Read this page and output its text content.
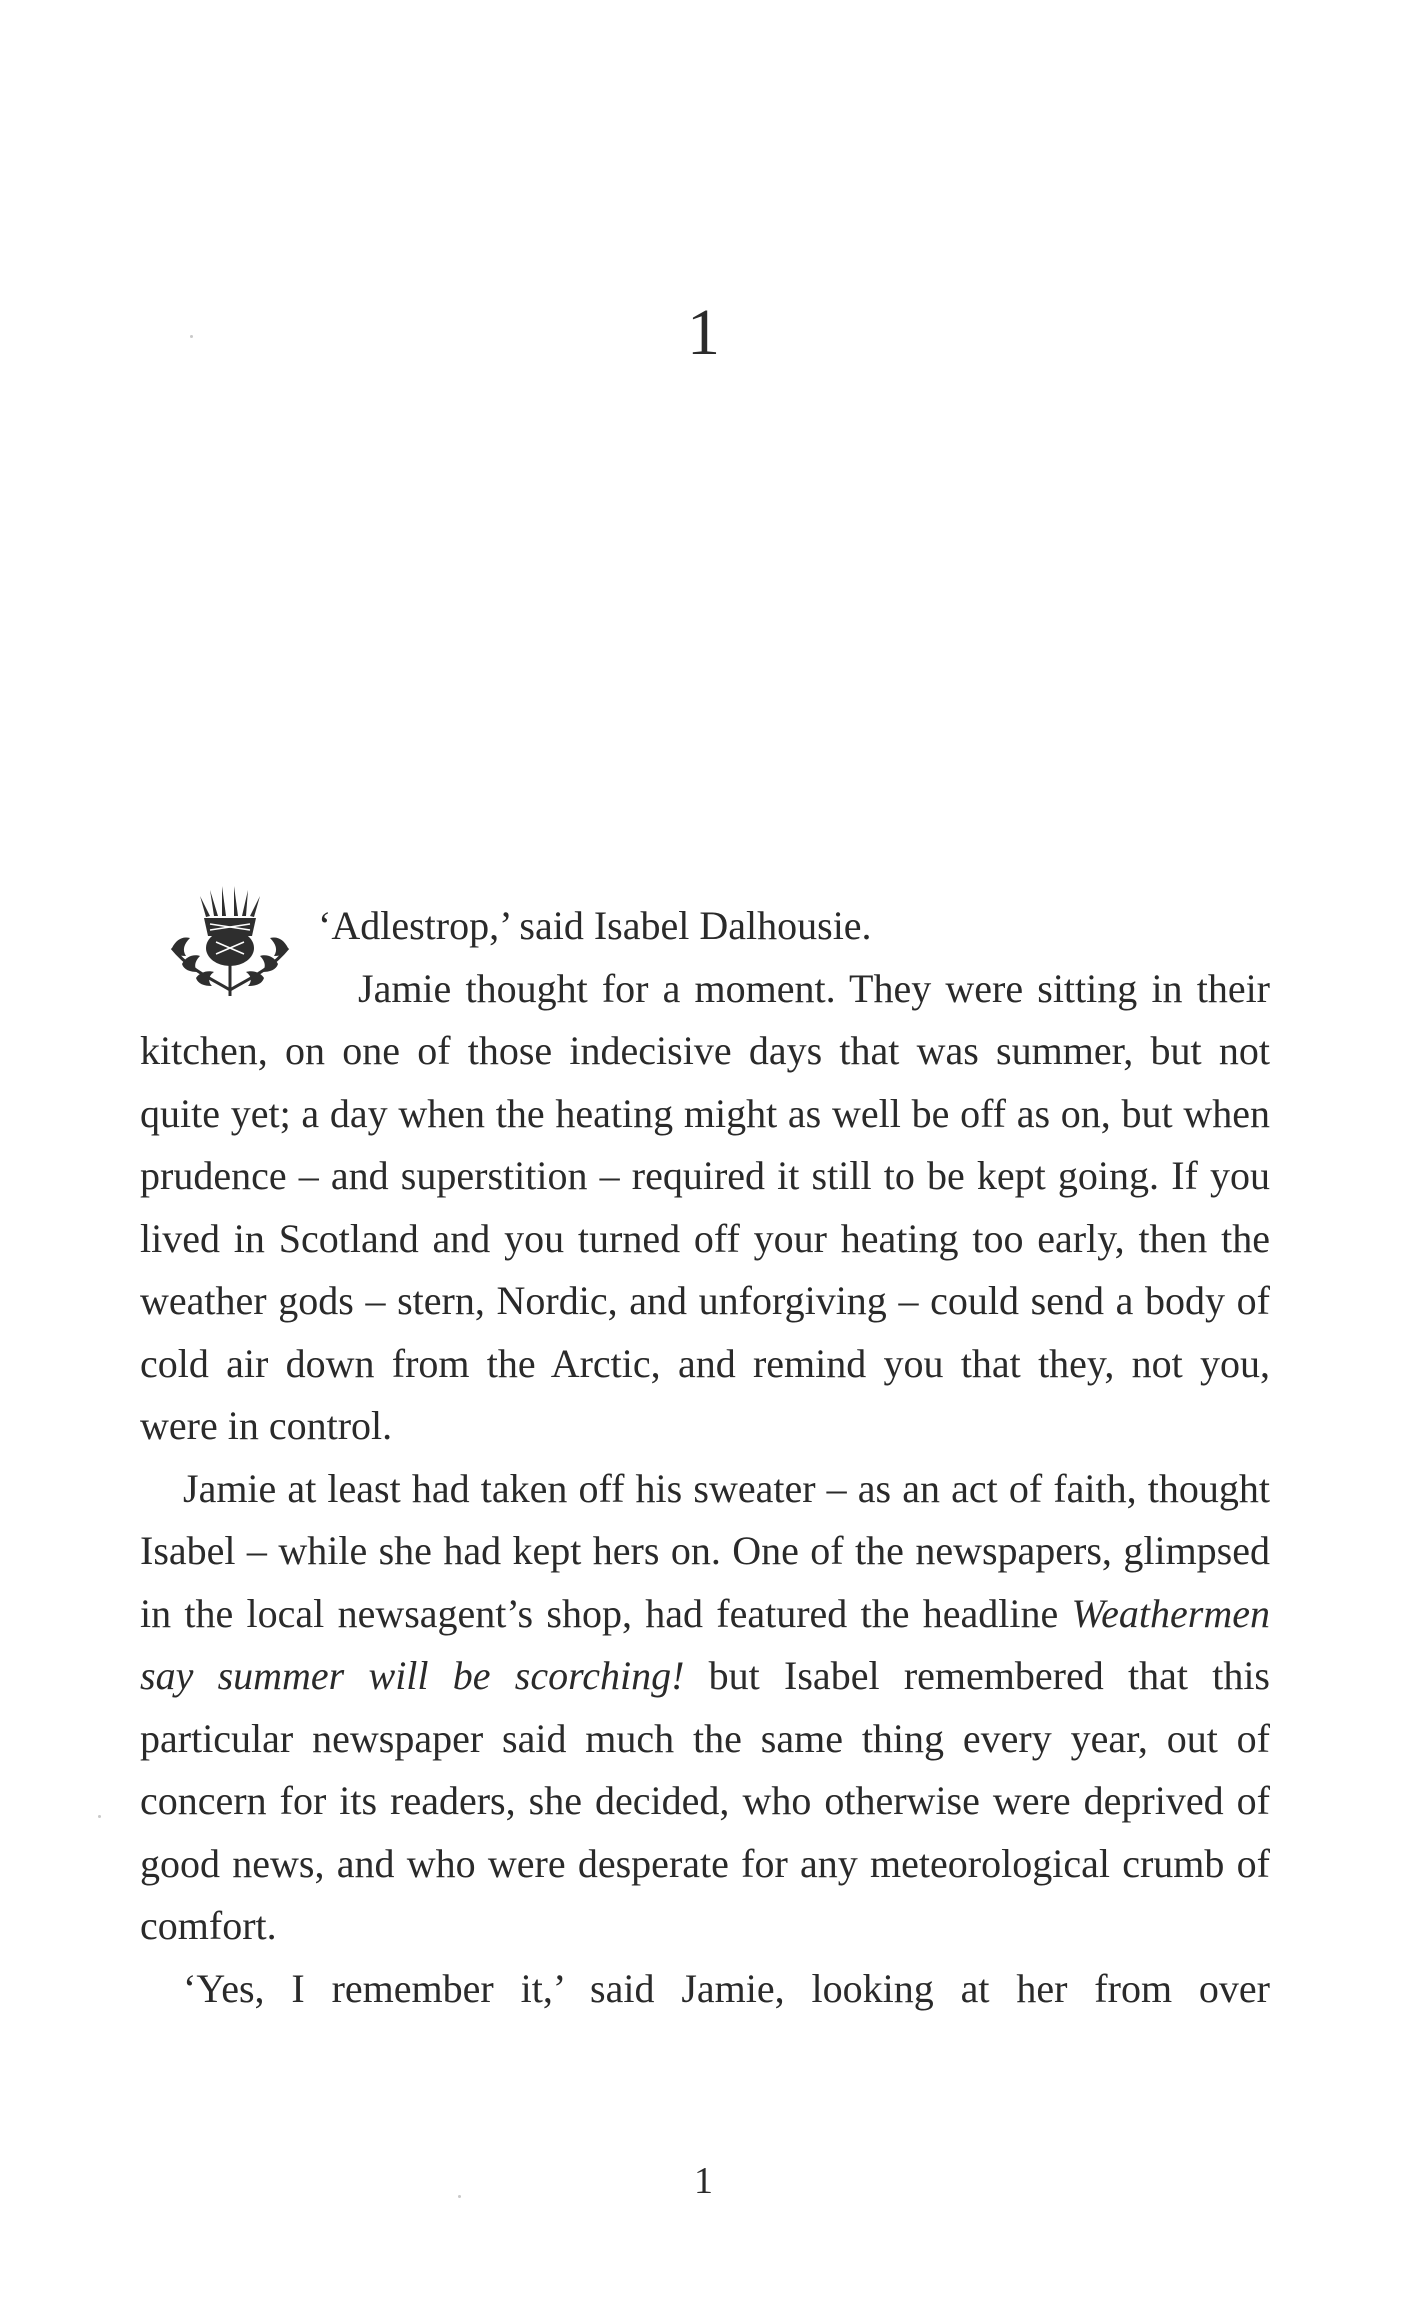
1

‘Adlestrop,’ said Isabel Dalhousie.

Jamie thought for a moment. They were sitting in their kitchen, on one of those indecisive days that was summer, but not quite yet; a day when the heating might as well be off as on, but when prudence – and superstition – required it still to be kept going. If you lived in Scotland and you turned off your heating too early, then the weather gods – stern, Nordic, and unforgiving – could send a body of cold air down from the Arctic, and remind you that they, not you, were in control.

Jamie at least had taken off his sweater – as an act of faith, thought Isabel – while she had kept hers on. One of the newspapers, glimpsed in the local newsagent’s shop, had featured the headline Weathermen say summer will be scorching! but Isabel remembered that this particular newspaper said much the same thing every year, out of concern for its readers, she decided, who otherwise were deprived of good news, and who were desperate for any meteorological crumb of comfort.

‘Yes, I remember it,’ said Jamie, looking at her from over

1
